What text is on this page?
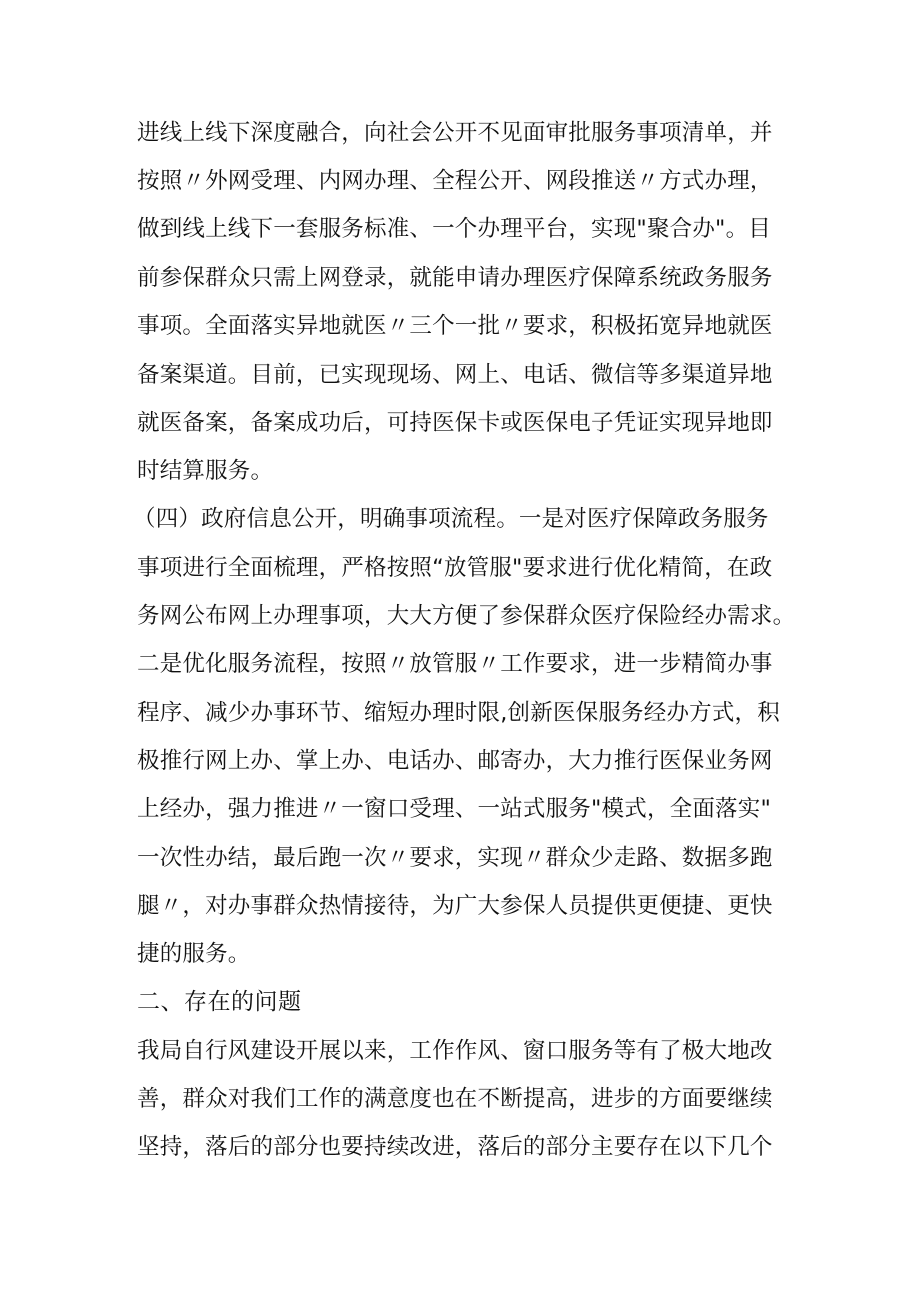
进线上线下深度融合，向社会公开不见面审批服务事项清单，并
按照〃外网受理、内网办理、全程公开、网段推送〃方式办理，
做到线上线下一套服务标准、一个办理平台，实现"聚合办"。目
前参保群众只需上网登录，就能申请办理医疗保障系统政务服务
事项。全面落实异地就医〃三个一批〃要求，积极拓宽异地就医
备案渠道。目前，已实现现场、网上、电话、微信等多渠道异地
就医备案，备案成功后，可持医保卡或医保电子凭证实现异地即
时结算服务。
（四）政府信息公开，明确事项流程。一是对医疗保障政务服务
事项进行全面梳理，严格按照“放管服"要求进行优化精简，在政
务网公布网上办理事项，大大方便了参保群众医疗保险经办需求。
二是优化服务流程，按照〃放管服〃工作要求，进一步精简办事
程序、减少办事环节、缩短办理时限,创新医保服务经办方式，积
极推行网上办、掌上办、电话办、邮寄办，大力推行医保业务网
上经办，强力推进〃一窗口受理、一站式服务"模式，全面落实"
一次性办结，最后跑一次〃要求，实现〃群众少走路、数据多跑
腿〃，对办事群众热情接待，为广大参保人员提供更便捷、更快
捷的服务。
二、存在的问题
我局自行风建设开展以来，工作作风、窗口服务等有了极大地改
善，群众对我们工作的满意度也在不断提高，进步的方面要继续
坚持，落后的部分也要持续改进，落后的部分主要存在以下几个
